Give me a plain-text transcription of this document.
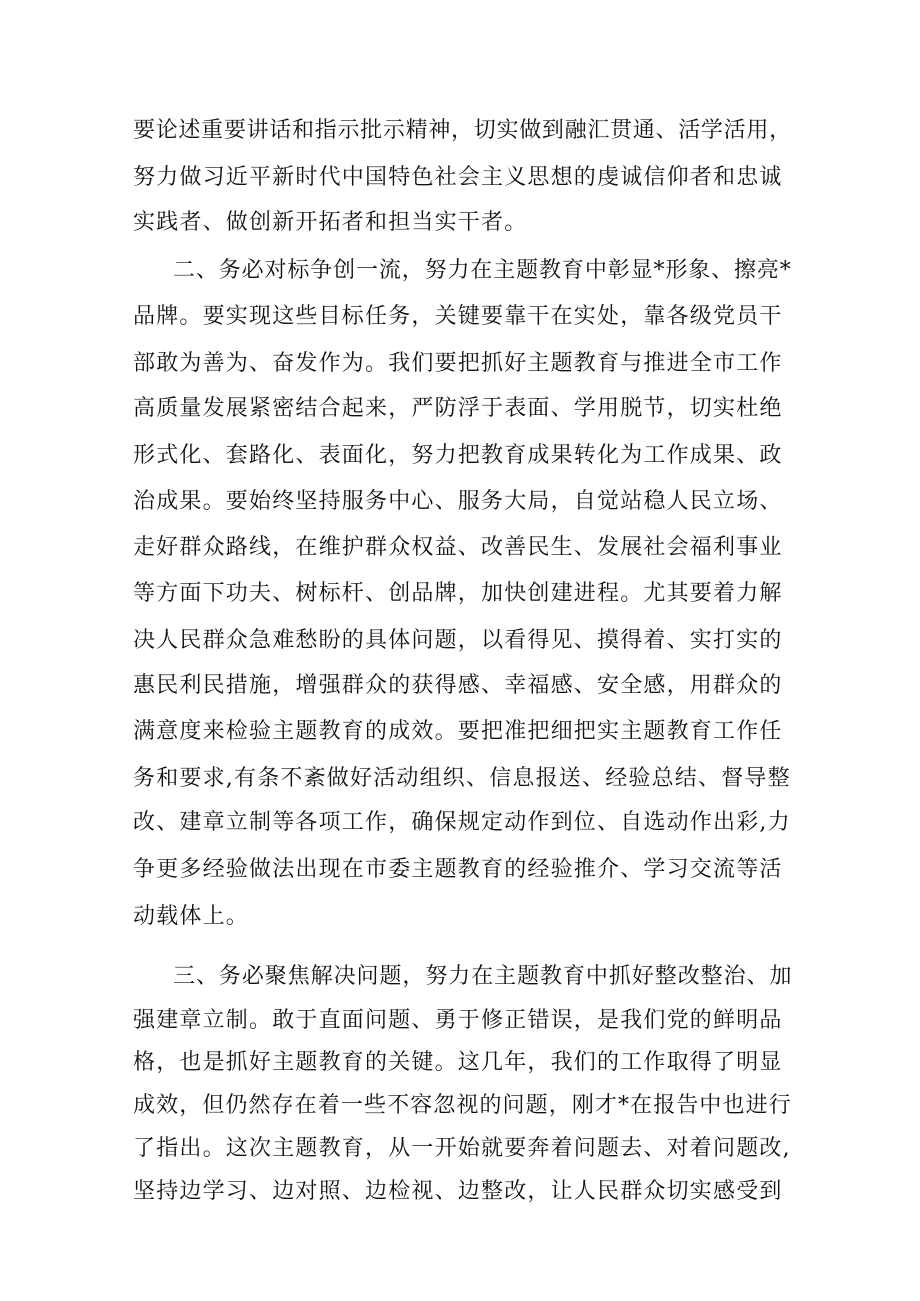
要论述重要讲话和指示批示精神，切实做到融汇贯通、活学活用，
努力做习近平新时代中国特色社会主义思想的虔诚信仰者和忠诚
实践者、做创新开拓者和担当实干者。
二、务必对标争创一流，努力在主题教育中彰显*形象、擦亮*
品牌。要实现这些目标任务，关键要靠干在实处，靠各级党员干
部敢为善为、奋发作为。我们要把抓好主题教育与推进全市工作
高质量发展紧密结合起来，严防浮于表面、学用脱节，切实杜绝
形式化、套路化、表面化，努力把教育成果转化为工作成果、政
治成果。要始终坚持服务中心、服务大局，自觉站稳人民立场、
走好群众路线，在维护群众权益、改善民生、发展社会福利事业
等方面下功夫、树标杆、创品牌，加快创建进程。尤其要着力解
决人民群众急难愁盼的具体问题，以看得见、摸得着、实打实的
惠民利民措施，增强群众的获得感、幸福感、安全感，用群众的
满意度来检验主题教育的成效。要把准把细把实主题教育工作任
务和要求,有条不紊做好活动组织、信息报送、经验总结、督导整
改、建章立制等各项工作，确保规定动作到位、自选动作出彩,力
争更多经验做法出现在市委主题教育的经验推介、学习交流等活
动载体上。
三、务必聚焦解决问题，努力在主题教育中抓好整改整治、加
强建章立制。敢于直面问题、勇于修正错误，是我们党的鲜明品
格，也是抓好主题教育的关键。这几年，我们的工作取得了明显
成效，但仍然存在着一些不容忽视的问题，刚才*在报告中也进行
了指出。这次主题教育，从一开始就要奔着问题去、对着问题改,
坚持边学习、边对照、边检视、边整改，让人民群众切实感受到
